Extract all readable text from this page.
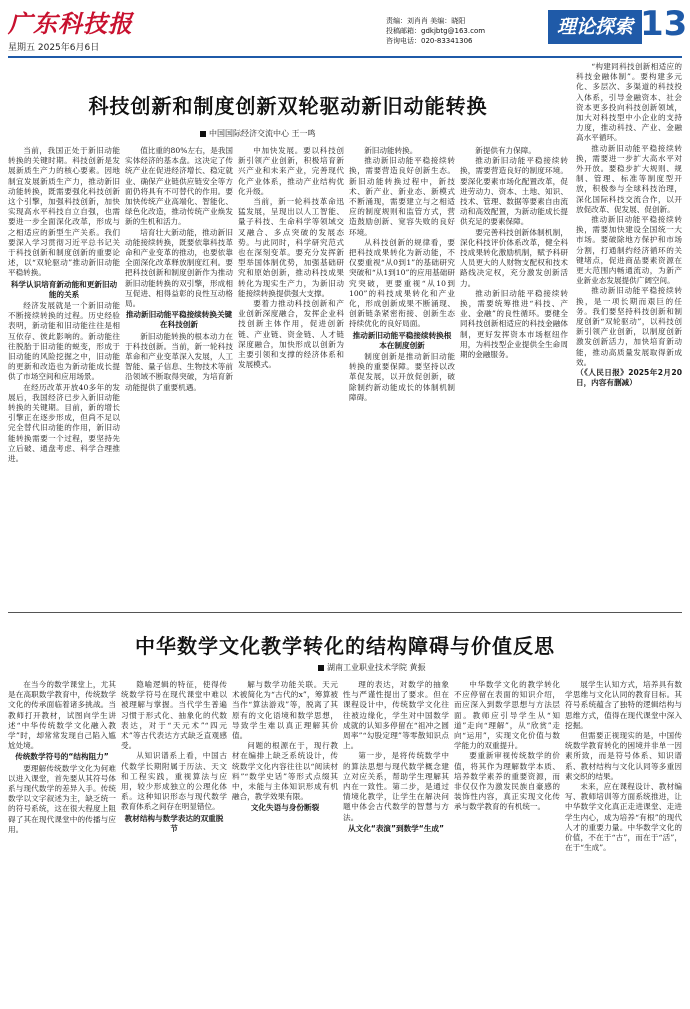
广东科技报
星期五 2025年6月6日
责编：刘肖肖 美编：晓阳
投稿邮箱：gdkjbtg@163.com
咨询电话：020-83341306
理论探索 13
科技创新和制度创新双轮驱动新旧动能转换
中国国际经济交流中心 王一鸣

当前，我国正处于新旧动能转换的关键时期。科技创新是发展新质生产力的核心要素。因地制宜发展新质生产力，推动新旧动能转换，既需要强化科技创新这个引擎，加强科技创新，加快实现高水平科技自立自强，也需要进一步全面深化改革，形成与之相适应的新型生产关系。我们要深入学习贯彻习近平总书记关于科技创新和制度创新的重要论述，以“双轮驱动”推动新旧动能平稳转换。

科学认识培育新动能和更新旧动能的关系

经济发展就是一个新旧动能不断接续转换的过程。历史经验表明，新动能和旧动能往往是相互依存、彼此影响的。新动能往往脱胎于旧动能的蜕变，形成于旧动能的风险挖掘之中，旧动能的更新和改造也为新动能成长提供了市场空间和应用场景。

在经历改革开放40多年的发展后，我国经济已步入新旧动能转换的关键期。目前，新的增长引擎正在逐步形成，但尚不足以完全替代旧动能的作用，新旧动能转换需要一个过程，要坚持先立后破、通盘考虑、科学合理推进。

值比重的80%左右，是我国实体经济的基本盘。这决定了传统产业在促进经济增长、稳定就业、确保产业链供应链安全等方面仍将具有不可替代的作用。要加快传统产业高端化、智能化、绿色化改造，推动传统产业焕发新的生机和活力。

培育壮大新动能，推动新旧动能接续转换，既要依靠科技革命和产业变革的推动，也要依靠全面深化改革释放制度红利。要把科技创新和制度创新作为推动新旧动能转换的双引擎，形成相互促进、相得益彰的良性互动格局。

推动新旧动能平稳接续转换关键在科技创新

新旧动能转换的根本动力在于科技创新。当前，新一轮科技革命和产业变革深入发展，人工智能、量子信息、生物技术等前沿领域不断取得突破，为培育新动能提供了重要机遇。

中加快发展。要以科技创新引领产业创新，积极培育新兴产业和未来产业，完善现代化产业体系，推动产业结构优化升级。

当前，新一轮科技革命迅猛发展，呈现出以人工智能、量子科技、生命科学等领域交叉融合、多点突破的发展态势。与此同时，科学研究范式也在深刻变革。要充分发挥新型举国体制优势，加强基础研究和原始创新，推动科技成果转化为现实生产力，为新旧动能接续转换提供强大支撑。

要着力推动科技创新和产业创新深度融合，发挥企业科技创新主体作用，促进创新链、产业链、资金链、人才链深度融合，加快形成以创新为主要引领和支撑的经济体系和发展模式。

新旧动能转换。

推动新旧动能平稳接续转换，需要营造良好创新生态。新旧动能转换过程中，新技术、新产业、新业态、新模式不断涌现，需要建立与之相适应的制度规则和监管方式，营造鼓励创新、宽容失败的良好环境。

从科技创新的规律看，要把科技成果转化为新动能，不仅要重视“从0到1”的基础研究突破和“从1到10”的应用基础研究突破，更要重视“从10到100”的科技成果转化和产业化，形成创新成果不断涌现、创新链条紧密衔接、创新生态持续优化的良好局面。

推动新旧动能平稳接续转换根本在制度创新

制度创新是推动新旧动能转换的重要保障。要坚持以改革促发展，以开放促创新，破除制约新动能成长的体制机制障碍。

新提供有力保障。

推动新旧动能平稳接续转换，需要营造良好的制度环境。要深化要素市场化配置改革，促进劳动力、资本、土地、知识、技术、管理、数据等要素自由流动和高效配置，为新动能成长提供充足的要素保障。

要完善科技创新体制机制，深化科技评价体系改革，健全科技成果转化激励机制，赋予科研人员更大的人财物支配权和技术路线决定权，充分激发创新活力。

推动新旧动能平稳接续转换，需要统筹推进“科技、产业、金融”的良性循环。要健全同科技创新相适应的科技金融体制，更好发挥资本市场枢纽作用，为科技型企业提供全生命周期的金融服务。

“构建同科技创新相适应的科技金融体制”。要构建多元化、多层次、多渠道的科技投入体系，引导金融资本、社会资本更多投向科技创新领域，加大对科技型中小企业的支持力度，推动科技、产业、金融高水平循环。

推动新旧动能平稳接续转换，需要进一步扩大高水平对外开放。要稳步扩大规则、规制、管理、标准等制度型开放，积极参与全球科技治理，深化国际科技交流合作，以开放促改革、促发展、促创新。

推动新旧动能平稳接续转换，需要加快建设全国统一大市场。要破除地方保护和市场分割，打通制约经济循环的关键堵点，促进商品要素资源在更大范围内畅通流动，为新产业新业态发展提供广阔空间。

推动新旧动能平稳接续转换，是一项长期而艰巨的任务。我们要坚持科技创新和制度创新“双轮驱动”，以科技创新引领产业创新，以制度创新激发创新活力，加快培育新动能，推动高质量发展取得新成效。

（《人民日报》2025年2月20日，内容有删减）

中华数学文化教学转化的结构障碍与价值反思
湖南工业职业技术学院 黄振

在当今的数学课堂上，尤其是在高职数学教育中，传统数学文化的传承面临着诸多挑战。当教师打开教材，试图向学生讲述“中华传统数学文化融入教学”时，却常常发现自己陷入尴尬处境。

传统数学符号的“结构阻力”

要理解传统数学文化为何难以进入课堂，首先要从其符号体系与现代数学的差异入手。传统数学以文字叙述为主，缺乏统一的符号系统，这在很大程度上阻碍了其在现代课堂中的传播与应用。

隐喻逻辑的特征，使得传统数学符号在现代课堂中难以被理解与掌握。当代学生普遍习惯于形式化、抽象化的代数表达，对于“天元术”“四元术”等古代表达方式缺乏直观感受。

从知识谱系上看，中国古代数学长期附属于历法、天文和工程实践，重视算法与应用，较少形成独立的公理化体系。这种知识形态与现代数学教育体系之间存在明显错位。

教材结构与数学表达的双重脱节

解与数学功能关联。天元术被简化为“古代的x”，筹算被当作“算法游戏”等，脱离了其原有的文化语境和数学思想，导致学生难以真正理解其价值。

问题的根源在于，现行教材在编排上缺乏系统设计，传统数学文化内容往往以“阅读材料”“数学史话”等形式点缀其中，未能与主体知识形成有机融合，教学效果有限。

文化失语与身份断裂

理的表达，对数学的抽象性与严谨性提出了要求。但在课程设计中，传统数学文化往往被边缘化，学生对中国数学成就的认知多停留在“祖冲之圆周率”“勾股定理”等零散知识点上。

第一步，是将传统数学中的算法思想与现代数学概念建立对应关系，帮助学生理解其内在一致性。第二步，是通过情境化教学，让学生在解决问题中体会古代数学的智慧与方法。

从文化“表演”到数学“生成”

中华数学文化的教学转化不应停留在表面的知识介绍，而应深入到数学思想与方法层面。教师应引导学生从“知道”走向“理解”，从“欣赏”走向“运用”，实现文化价值与数学能力的双重提升。

要重新审视传统数学的价值，将其作为理解数学本质、培养数学素养的重要资源，而非仅仅作为激发民族自豪感的装饰性内容，真正实现文化传承与数学教育的有机统一。

展学生认知方式，培养具有数学思维与文化认同的教育目标。其符号系统蕴含了独特的逻辑结构与思维方式，值得在现代课堂中深入挖掘。

但需要正视现实的是，中国传统数学教育转化的困境并非单一因素所致，而是符号体系、知识谱系、教材结构与文化认同等多重因素交织的结果。

未来，应在课程设计、教材编写、教师培训等方面系统推进，让中华数学文化真正走进课堂、走进学生内心，成为培养“有根”的现代人才的重要力量。中华数学文化的价值，不在于“古”，而在于“活”，在于“生成”。
